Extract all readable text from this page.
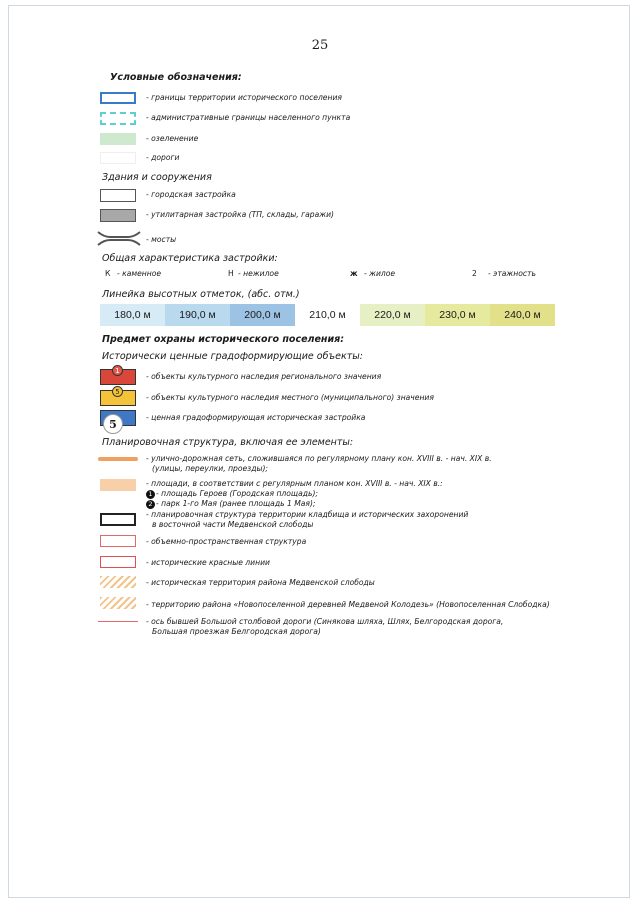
25
Условные обозначения:
- границы территории исторического поселения
- административные границы населенного пункта
- озеленение
- дороги
Здания и сооружения
- городская застройка
- утилитарная застройка (ТП, склады, гаражи)
- мосты
Общая характеристика застройки:
К - каменное	Н - нежилое	ж - жилое	2 - этажность
Линейка высотных отметок, (абс. отм.)
180,0 м	190,0 м	200,0 м	210,0 м	220,0 м	230,0 м	240,0 м
Предмет охраны исторического поселения:
Исторически ценные градоформирующие объекты:
1
- объекты культурного наследия регионального значения
5
- объекты культурного наследия местного (муниципального) значения
- ценная градоформирующая историческая застройка
5
Планировочная структура, включая ее элементы:
- улично-дорожная сеть, сложившаяся по регулярному плану кон. XVIII в. - нач. XIX в.
(улицы, переулки, проезды);
- площади, в соответствии с регулярным планом кон. XVIII в. - нач. XIX в.:
1 - площадь Героев (Городская площадь);
2 - парк 1-го Мая (ранее площадь 1 Мая);
- планировочная структура территории кладбища и исторических захоронений
в восточной части Медвенской слободы
- объемно-пространственная структура
- исторические красные линии
- историческая территория района Медвенской слободы
- территорию района «Новопоселенной деревней Медвеной Колодезь» (Новопоселенная Слободка)
- ось бывшей Большой столбовой дороги (Синякова шляха, Шлях, Белгородская дорога,
Большая проезжая Белгородская дорога)
